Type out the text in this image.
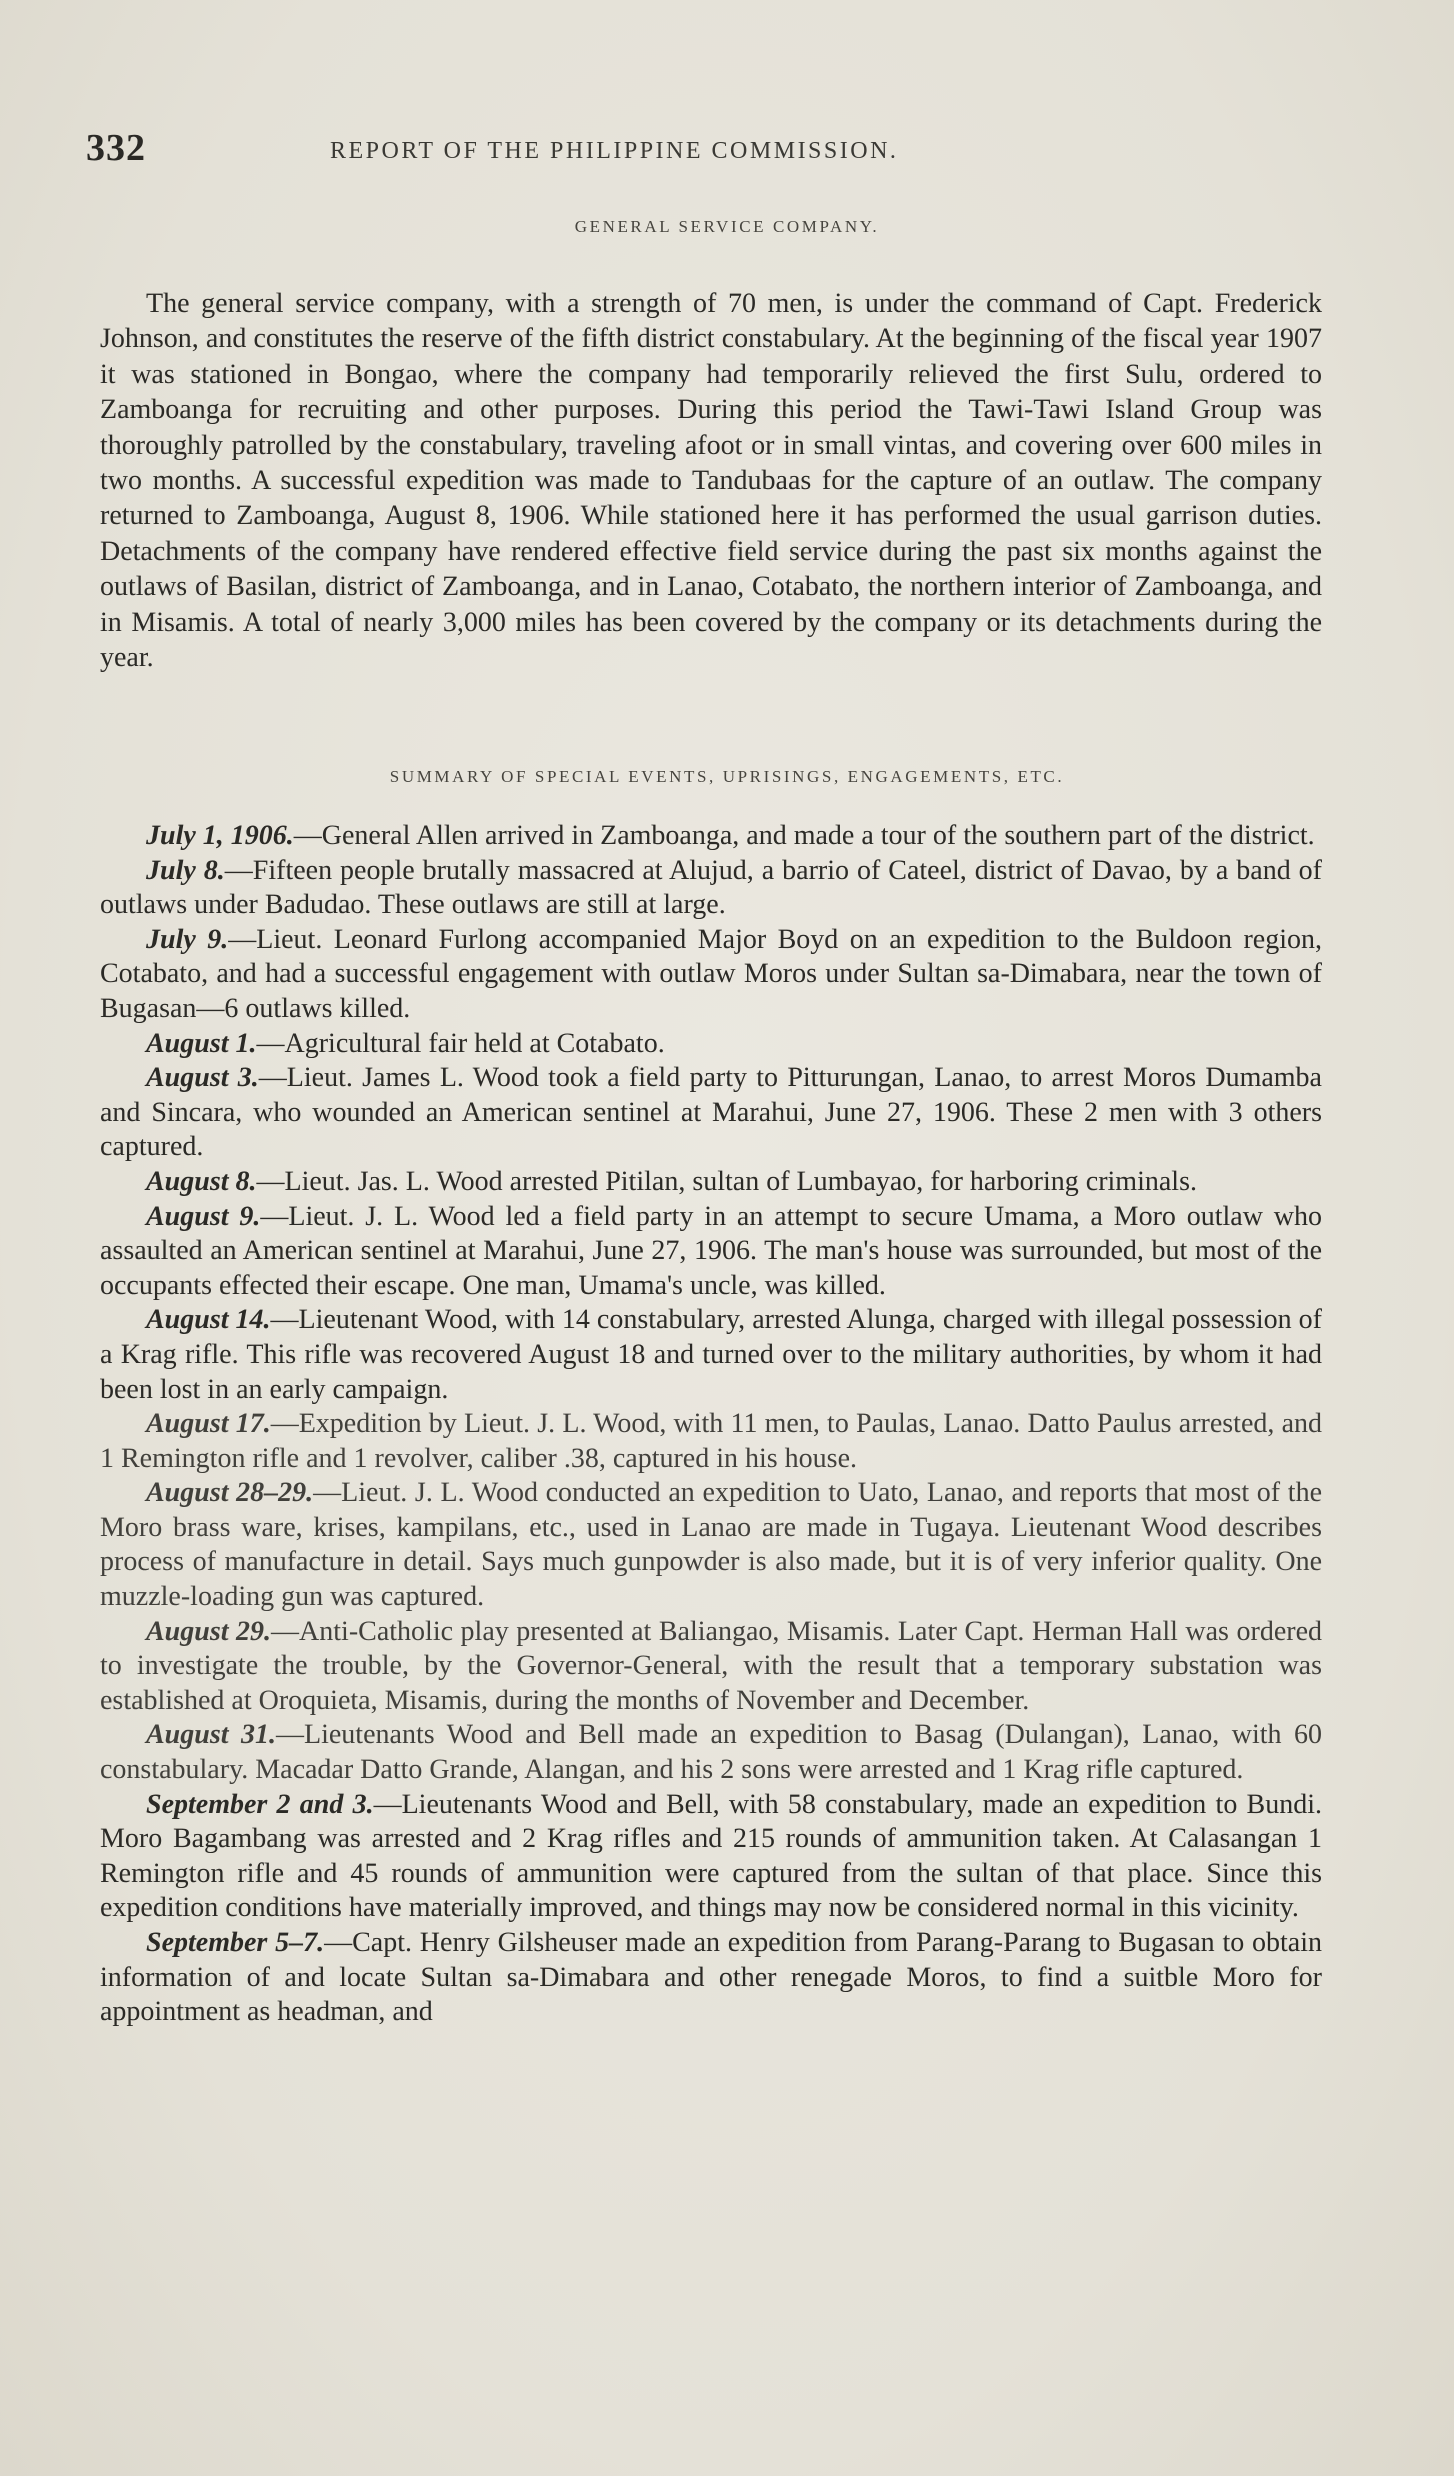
332	REPORT OF THE PHILIPPINE COMMISSION.
GENERAL SERVICE COMPANY.

The general service company, with a strength of 70 men, is under the command of Capt. Frederick Johnson, and constitutes the reserve of the fifth district constabulary. At the beginning of the fiscal year 1907 it was stationed in Bongao, where the company had temporarily relieved the first Sulu, ordered to Zamboanga for recruiting and other purposes. During this period the Tawi-Tawi Island Group was thoroughly patrolled by the constabulary, traveling afoot or in small vintas, and covering over 600 miles in two months. A successful expedition was made to Tandubaas for the capture of an outlaw. The company returned to Zamboanga, August 8, 1906. While stationed here it has performed the usual garrison duties. Detachments of the company have rendered effective field service during the past six months against the outlaws of Basilan, district of Zamboanga, and in Lanao, Cotabato, the northern interior of Zamboanga, and in Misamis. A total of nearly 3,000 miles has been covered by the company or its detachments during the year.

SUMMARY OF SPECIAL EVENTS, UPRISINGS, ENGAGEMENTS, ETC.

July 1, 1906.—General Allen arrived in Zamboanga, and made a tour of the southern part of the district.

July 8.—Fifteen people brutally massacred at Alujud, a barrio of Cateel, district of Davao, by a band of outlaws under Badudao. These outlaws are still at large.

July 9.—Lieut. Leonard Furlong accompanied Major Boyd on an expedition to the Buldoon region, Cotabato, and had a successful engagement with outlaw Moros under Sultan sa-Dimabara, near the town of Bugasan—6 outlaws killed.

August 1.—Agricultural fair held at Cotabato.

August 3.—Lieut. James L. Wood took a field party to Pitturungan, Lanao, to arrest Moros Dumamba and Sincara, who wounded an American sentinel at Marahui, June 27, 1906. These 2 men with 3 others captured.

August 8.—Lieut. Jas. L. Wood arrested Pitilan, sultan of Lumbayao, for harboring criminals.

August 9.—Lieut. J. L. Wood led a field party in an attempt to secure Umama, a Moro outlaw who assaulted an American sentinel at Marahui, June 27, 1906. The man's house was surrounded, but most of the occupants effected their escape. One man, Umama's uncle, was killed.

August 14.—Lieutenant Wood, with 14 constabulary, arrested Alunga, charged with illegal possession of a Krag rifle. This rifle was recovered August 18 and turned over to the military authorities, by whom it had been lost in an early campaign.

August 17.—Expedition by Lieut. J. L. Wood, with 11 men, to Paulas, Lanao. Datto Paulus arrested, and 1 Remington rifle and 1 revolver, caliber .38, captured in his house.

August 28–29.—Lieut. J. L. Wood conducted an expedition to Uato, Lanao, and reports that most of the Moro brass ware, krises, kampilans, etc., used in Lanao are made in Tugaya. Lieutenant Wood describes process of manufacture in detail. Says much gunpowder is also made, but it is of very inferior quality. One muzzle-loading gun was captured.

August 29.—Anti-Catholic play presented at Baliangao, Misamis. Later Capt. Herman Hall was ordered to investigate the trouble, by the Governor-General, with the result that a temporary substation was established at Oroquieta, Misamis, during the months of November and December.

August 31.—Lieutenants Wood and Bell made an expedition to Basag (Dulangan), Lanao, with 60 constabulary. Macadar Datto Grande, Alangan, and his 2 sons were arrested and 1 Krag rifle captured.

September 2 and 3.—Lieutenants Wood and Bell, with 58 constabulary, made an expedition to Bundi. Moro Bagambang was arrested and 2 Krag rifles and 215 rounds of ammunition taken. At Calasangan 1 Remington rifle and 45 rounds of ammunition were captured from the sultan of that place. Since this expedition conditions have materially improved, and things may now be considered normal in this vicinity.

September 5–7.—Capt. Henry Gilsheuser made an expedition from Parang-Parang to Bugasan to obtain information of and locate Sultan sa-Dimabara and other renegade Moros, to find a suitble Moro for appointment as headman, and
